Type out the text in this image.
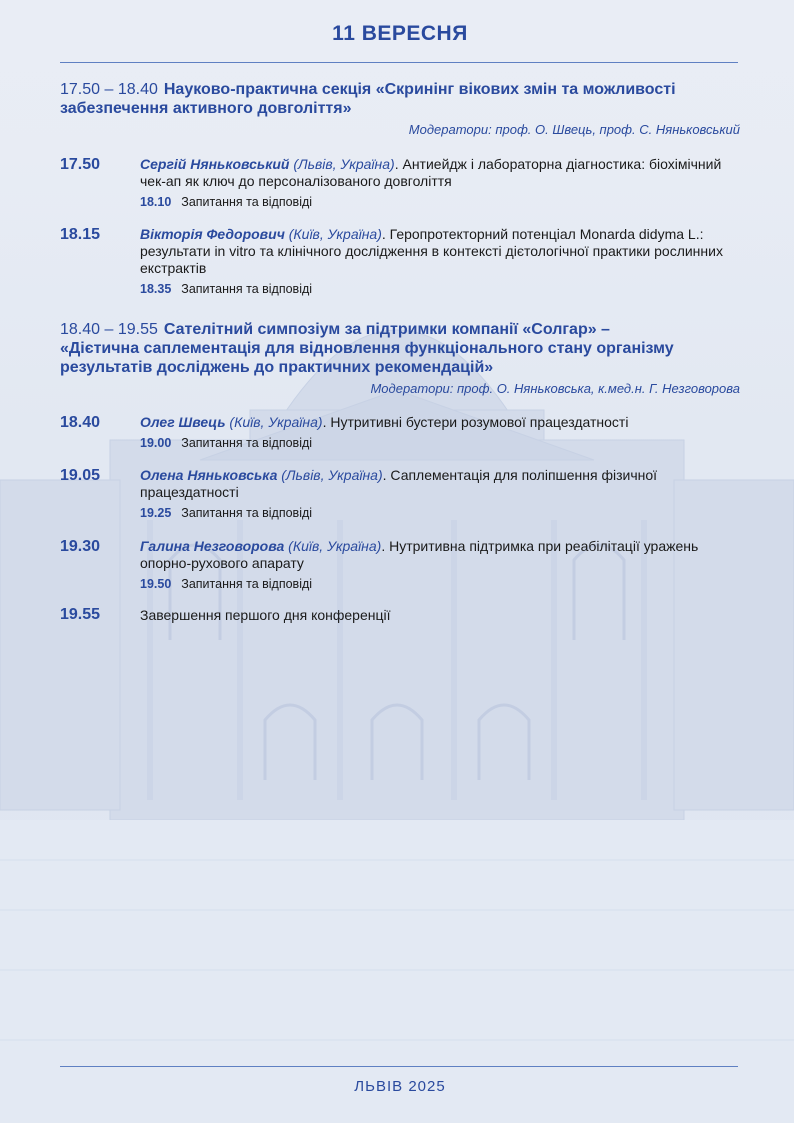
11 ВЕРЕСНЯ
17.50 – 18.40 Науково-практична секція «Скринінг вікових змін та можливості
забезпечення активного довголіття»
Модератори: проф. О. Швець, проф. С. Няньковський
17.50	Сергій Няньковський (Львів, Україна). Антиейдж і лабораторна діагностика: біохімічний чек-ап як ключ до персоналізованого довголіття
18.10 Запитання та відповіді
18.15	Вікторія Федорович (Київ, Україна). Геропротекторний потенціал Monarda didyma L.: результати in vitro та клінічного дослідження в контексті дієтологічної практики рослинних екстрактів
18.35 Запитання та відповіді
18.40 – 19.55 Сателітний симпозіум за підтримки компанії «Солгар» –
«Дієтична саплементація для відновлення функціонального стану організму
результатів досліджень до практичних рекомендацій»
Модератори: проф. О. Няньковська, к.мед.н. Г. Незговорова
18.40	Олег Швець (Київ, Україна). Нутритивні бустери розумової працездатності
19.00 Запитання та відповіді
19.05	Олена Няньковська (Львів, Україна). Саплементація для поліпшення фізичної працездатності
19.25 Запитання та відповіді
19.30	Галина Незговорова (Київ, Україна). Нутритивна підтримка при реабілітації уражень опорно-рухового апарату
19.50 Запитання та відповіді
19.55	Завершення першого дня конференції
ЛЬВІВ 2025
